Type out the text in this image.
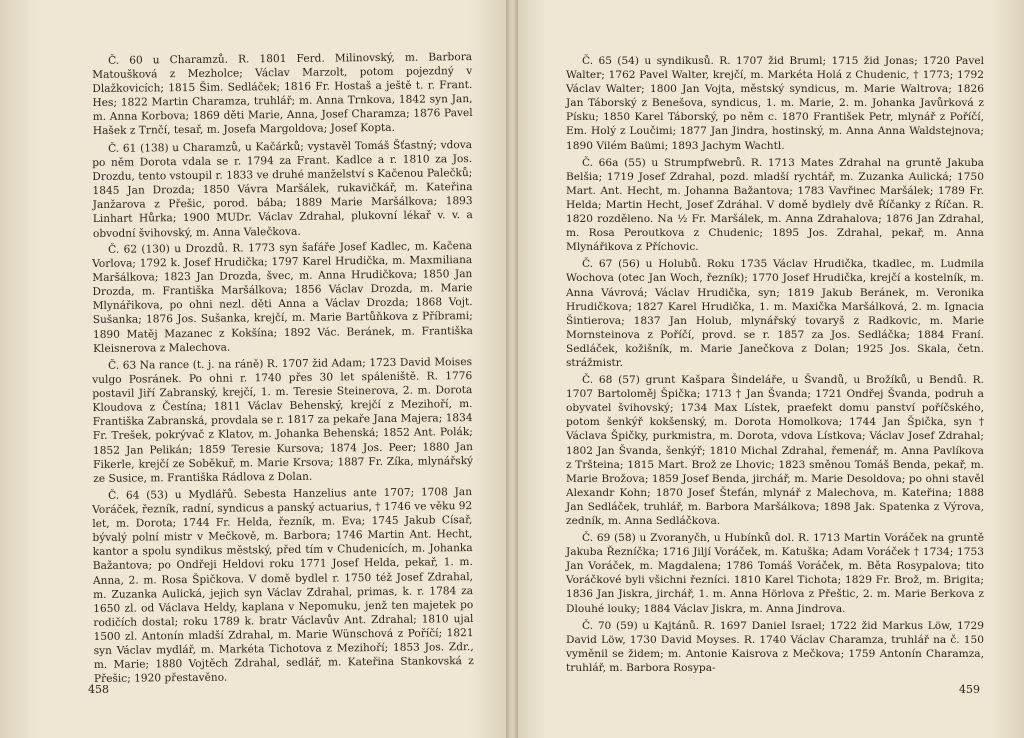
Č. 60 u Charamzů. R. 1801 Ferd. Milinovský, m. Barbora Matoušková z Mezholce; Václav Marzolt, potom pojezdný v Dlažkovicích; 1815 Šim. Sedláček; 1816 Fr. Hostaš a ještě t. r. Frant. Hes; 1822 Martin Charamza, truhlář; m. Anna Trnkova, 1842 syn Jan, m. Anna Korbova; 1869 děti Marie, Anna, Josef Charamza; 1876 Pavel Hašek z Trnčí, tesař, m. Josefa Margoldova; Josef Kopta.

Č. 61 (138) u Charamzů, u Kačárků; vystavěl Tomáš Šťastný; vdova po něm Dorota vdala se r. 1794 za Frant. Kadlce a r. 1810 za Jos. Drozdu, tento vstoupil r. 1833 ve druhé manželství s Kačenou Palečků; 1845 Jan Drozda; 1850 Vávra Maršálek, rukavičkář, m. Kateřina Janžarova z Přešic, porod. bába; 1889 Marie Maršálkova; 1893 Linhart Hůrka; 1900 MUDr. Václav Zdrahal, plukovní lékař v. v. a obvodní švihovský, m. Anna Valečkova.

Č. 62 (130) u Drozdů. R. 1773 syn šafáře Josef Kadlec, m. Kačena Vorlova; 1792 k. Josef Hrudička; 1797 Karel Hrudička, m. Maxmiliana Maršálkova; 1823 Jan Drozda, švec, m. Anna Hrudičkova; 1850 Jan Drozda, m. Františka Maršálkova; 1856 Václav Drozda, m. Marie Mlynářikova, po ohni nezl. děti Anna a Václav Drozda; 1868 Vojt. Sušanka; 1876 Jos. Sušanka, krejčí, m. Marie Bartůňkova z Příbrami; 1890 Matěj Mazanec z Kokšína; 1892 Vác. Beránek, m. Františka Kleisnerova z Malechova.

Č. 63 Na rance (t. j. na ráně) R. 1707 žid Adam; 1723 David Moises vulgo Posránek. Po ohni r. 1740 přes 30 let spáleniště. R. 1776 postavil Jiří Zabranský, krejčí, 1. m. Teresie Steinerova, 2. m. Dorota Kloudova z Čestína; 1811 Václav Behenský, krejčí z Mezihoří, m. Františka Zabranská, provdala se r. 1817 za pekaře Jana Majera; 1834 Fr. Trešek, pokrývač z Klatov, m. Johanka Behenská; 1852 Ant. Polák; 1852 Jan Pelikán; 1859 Teresie Kursova; 1874 Jos. Peer; 1880 Jan Fikerle, krejčí ze Soběkuř, m. Marie Krsova; 1887 Fr. Zíka, mlynářský ze Susice, m. Františka Rádlova z Dolan.

Č. 64 (53) u Mydlářů. Sebesta Hanzelius ante 1707; 1708 Jan Voráček, řezník, radní, syndicus a panský actuarius, † 1746 ve věku 92 let, m. Dorota; 1744 Fr. Helda, řezník, m. Eva; 1745 Jakub Císař, bývalý polní mistr v Mečkově, m. Barbora; 1746 Martin Ant. Hecht, kantor a spolu syndikus městský, před tím v Chudenicích, m. Johanka Bažantova; po Ondřeji Heldovi roku 1771 Josef Helda, pekař, 1. m. Anna, 2. m. Rosa Špičkova. V domě bydlel r. 1750 též Josef Zdrahal, m. Zuzanka Aulická, jejich syn Václav Zdrahal, primas, k. r. 1784 za 1650 zl. od Václava Heldy, kaplana v Nepomuku, jenž ten majetek po rodičích dostal; roku 1789 k. bratr Václavův Ant. Zdrahal; 1810 ujal 1500 zl. Antonín mladší Zdrahal, m. Marie Wünschová z Poříčí; 1821 syn Václav mydlář, m. Markéta Tichotova z Mezihoří; 1853 Jos. Zdr., m. Marie; 1880 Vojtěch Zdrahal, sedlář, m. Kateřina Stankovská z Přešic; 1920 přestavěno.

458

Č. 65 (54) u syndikusů. R. 1707 žid Bruml; 1715 žid Jonas; 1720 Pavel Walter; 1762 Pavel Walter, krejčí, m. Markéta Holá z Chudenic, † 1773; 1792 Václav Walter; 1800 Jan Vojta, městský syndicus, m. Marie Waltrova; 1826 Jan Táborský z Benešova, syndicus, 1. m. Marie, 2. m. Johanka Javůrková z Písku; 1850 Karel Táborský, po něm c. 1870 František Petr, mlynář z Poříčí, Em. Holý z Loučimi; 1877 Jan Jindra, hostinský, m. Anna Anna Waldstejnova; 1890 Vilém Baümi; 1893 Jachym Wachtl.

Č. 66a (55) u Strumpfwebrů. R. 1713 Mates Zdrahal na gruntě Jakuba Belšia; 1719 Josef Zdrahal, pozd. mladší rychtář, m. Zuzanka Aulická; 1750 Mart. Ant. Hecht, m. Johanna Bažantova; 1783 Vavřinec Maršálek; 1789 Fr. Helda; Martin Hecht, Josef Zdráhal. V domě bydlely dvě Říčanky z Říčan. R. 1820 rozděleno. Na ½ Fr. Maršálek, m. Anna Zdrahalova; 1876 Jan Zdrahal, m. Rosa Peroutkova z Chudenic; 1895 Jos. Zdrahal, pekař, m. Anna Mlynářikova z Příchovic.

Č. 67 (56) u Holubů. Roku 1735 Václav Hrudička, tkadlec, m. Ludmila Wochova (otec Jan Woch, řezník); 1770 Josef Hrudička, krejčí a kostelník, m. Anna Vávrová; Václav Hrudička, syn; 1819 Jakub Beránek, m. Veronika Hrudičkova; 1827 Karel Hrudička, 1. m. Maxička Maršálková, 2. m. Ignacia Šintierova; 1837 Jan Holub, mlynářský tovaryš z Radkovic, m. Marie Mornsteinova z Poříčí, provd. se r. 1857 za Jos. Sedláčka; 1884 Franí. Sedláček, kožišník, m. Marie Janečkova z Dolan; 1925 Jos. Skala, četn. strážmistr.

Č. 68 (57) grunt Kašpara Šindeláře, u Švandů, u Brožíků, u Bendů. R. 1707 Bartoloměj Špička; 1713 † Jan Švanda; 1721 Ondřej Švanda, podruh a obyvatel švihovský; 1734 Max Lístek, praefekt domu panství poříčského, potom šenkýř kokšenský, m. Dorota Homolkova; 1744 Jan Špička, syn † Václava Špičky, purkmistra, m. Dorota, vdova Lístkova; Václav Josef Zdrahal; 1802 Jan Švanda, šenkýř; 1810 Michal Zdrahal, řemenář, m. Anna Pavlíkova z Tršteina; 1815 Mart. Brož ze Lhovic; 1823 směnou Tomáš Benda, pekař, m. Marie Brožova; 1859 Josef Benda, jirchář, m. Marie Desoldova; po ohni stavěl Alexandr Kohn; 1870 Josef Štefán, mlynář z Malechova, m. Kateřina; 1888 Jan Sedláček, truhlář, m. Barbora Maršálkova; 1898 Jak. Spatenka z Výrova, zedník, m. Anna Sedláčkova.

Č. 69 (58) u Zvoranyčh, u Hubínků dol. R. 1713 Martin Voráček na gruntě Jakuba Řezníčka; 1716 Jiljí Voráček, m. Katuška; Adam Voráček † 1734; 1753 Jan Voráček, m. Magdalena; 1786 Tomáš Voráček, m. Běta Rosypalova; tito Voráčkové byli všichni řezníci. 1810 Karel Tichota; 1829 Fr. Brož, m. Brigita; 1836 Jan Jiskra, jirchář, 1. m. Anna Hörlova z Přeštic, 2. m. Marie Berkova z Dlouhé louky; 1884 Václav Jiskra, m. Anna Jindrova.

Č. 70 (59) u Kajtánů. R. 1697 Daniel Israel; 1722 žid Markus Löw, 1729 David Löw, 1730 David Moyses. R. 1740 Václav Charamza, truhlář na č. 150 vyměnil se židem; m. Antonie Kaisrova z Mečkova; 1759 Antonín Charamza, truhlář, m. Barbora Rosypa-

459
